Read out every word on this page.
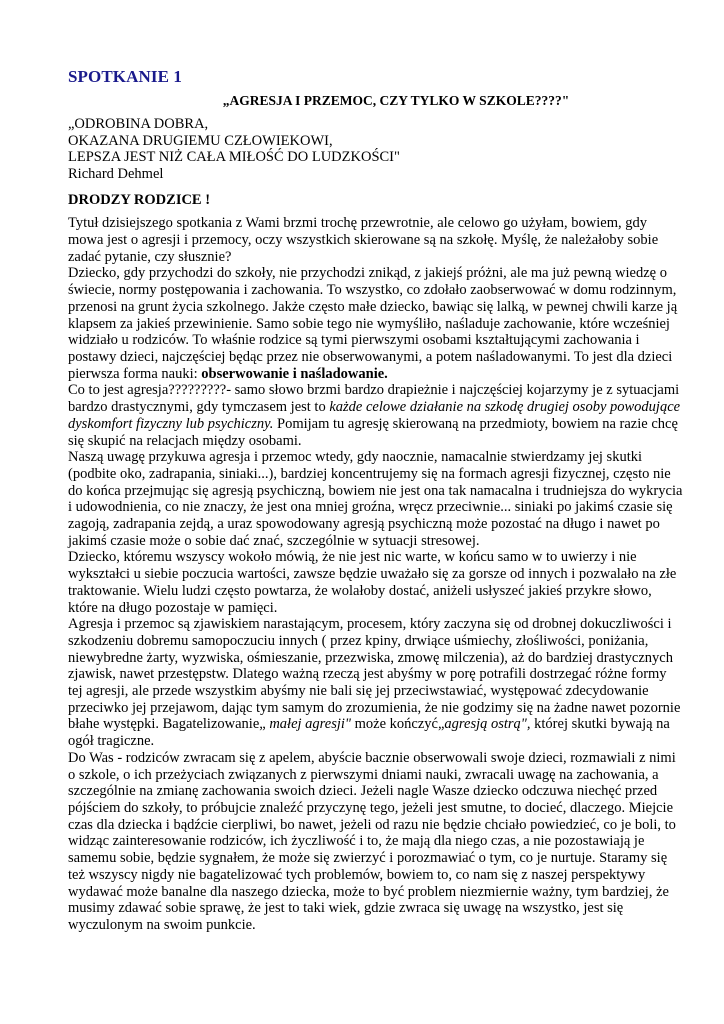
SPOTKANIE 1
„AGRESJA I PRZEMOC, CZY TYLKO W SZKOLE????"
„ODROBINA DOBRA,
OKAZANA DRUGIEMU CZŁOWIEKOWI,
LEPSZA JEST NIŻ CAŁA MIŁOŚĆ DO LUDZKOŚCI"
Richard Dehmel
DRODZY RODZICE !

Tytuł dzisiejszego spotkania z Wami brzmi trochę przewrotnie, ale celowo go użyłam, bowiem, gdy mowa jest o agresji i przemocy, oczy wszystkich skierowane są na szkołę. Myślę, że należałoby sobie zadać pytanie, czy słusznie?

Dziecko, gdy przychodzi do szkoły, nie przychodzi znikąd, z jakiejś próżni, ale ma już pewną wiedzę o świecie, normy postępowania i zachowania. To wszystko, co zdołało zaobserwować w domu rodzinnym, przenosi na grunt życia szkolnego. Jakże często małe dziecko, bawiąc się lalką, w pewnej chwili karze ją klapsem za jakieś przewinienie. Samo sobie tego nie wymyśliło, naśladuje zachowanie, które wcześniej widziało u rodziców. To właśnie rodzice są tymi pierwszymi osobami kształtującymi zachowania i postawy dzieci, najczęściej będąc przez nie obserwowanymi, a potem naśladowanymi. To jest dla dzieci pierwsza forma nauki: obserwowanie i naśladowanie.

Co to jest agresja?????????- samo słowo brzmi bardzo drapieżnie i najczęściej kojarzymy je z sytuacjami bardzo drastycznymi, gdy tymczasem jest to każde celowe działanie na szkodę drugiej osoby powodujące dyskomfort fizyczny lub psychiczny. Pomijam tu agresję skierowaną na przedmioty, bowiem na razie chcę się skupić na relacjach między osobami.

Naszą uwagę przykuwa agresja i przemoc wtedy, gdy naocznie, namacalnie stwierdzamy jej skutki (podbite oko, zadrapania, siniaki...), bardziej koncentrujemy się na formach agresji fizycznej, często nie do końca przejmując się agresją psychiczną, bowiem nie jest ona tak namacalna i trudniejsza do wykrycia i udowodnienia, co nie znaczy, że jest ona mniej groźna, wręcz przeciwnie... siniaki po jakimś czasie się zagoją, zadrapania zejdą, a uraz spowodowany agresją psychiczną może pozostać na długo i nawet po jakimś czasie może o sobie dać znać, szczególnie w sytuacji stresowej.

Dziecko, któremu wszyscy wokoło mówią, że nie jest nic warte, w końcu samo w to uwierzy i nie wykształci u siebie poczucia wartości, zawsze będzie uważało się za gorsze od innych i pozwalało na złe traktowanie. Wielu ludzi często powtarza, że wolałoby dostać, aniżeli usłyszeć jakieś przykre słowo, które na długo pozostaje w pamięci.

Agresja i przemoc są zjawiskiem narastającym, procesem, który zaczyna się od drobnej dokuczliwości i szkodzeniu dobremu samopoczuciu innych ( przez kpiny, drwiące uśmiechy, złośliwości, poniżania, niewybredne żarty, wyzwiska, ośmieszanie, przezwiska, zmowę milczenia), aż do bardziej drastycznych zjawisk, nawet przestępstw. Dlatego ważną rzeczą jest abyśmy w porę potrafili dostrzegać różne formy tej agresji, ale przede wszystkim abyśmy nie bali się jej przeciwstawiać, występować zdecydowanie przeciwko jej przejawom, dając tym samym do zrozumienia, że nie godzimy się na żadne nawet pozornie błahe występki. Bagatelizowanie„ małej agresji" może kończyć„agresją ostrą", której skutki bywają na ogół tragiczne.

Do Was - rodziców zwracam się z apelem, abyście bacznie obserwowali swoje dzieci, rozmawiali z nimi o szkole, o ich przeżyciach związanych z pierwszymi dniami nauki, zwracali uwagę na zachowania, a szczególnie na zmianę zachowania swoich dzieci. Jeżeli nagle Wasze dziecko odczuwa niechęć przed pójściem do szkoły, to próbujcie znaleźć przyczynę tego, jeżeli jest smutne, to docieć, dlaczego. Miejcie czas dla dziecka i bądźcie cierpliwi, bo nawet, jeżeli od razu nie będzie chciało powiedzieć, co je boli, to widząc zainteresowanie rodziców, ich życzliwość i to, że mają dla niego czas, a nie pozostawiają je samemu sobie, będzie sygnałem, że może się zwierzyć i porozmawiać o tym, co je nurtuje. Staramy się też wszyscy nigdy nie bagatelizować tych problemów, bowiem to, co nam się z naszej perspektywy wydawać może banalne dla naszego dziecka, może to być problem niezmiernie ważny, tym bardziej, że musimy zdawać sobie sprawę, że jest to taki wiek, gdzie zwraca się uwagę na wszystko, jest się wyczulonym na swoim punkcie.
